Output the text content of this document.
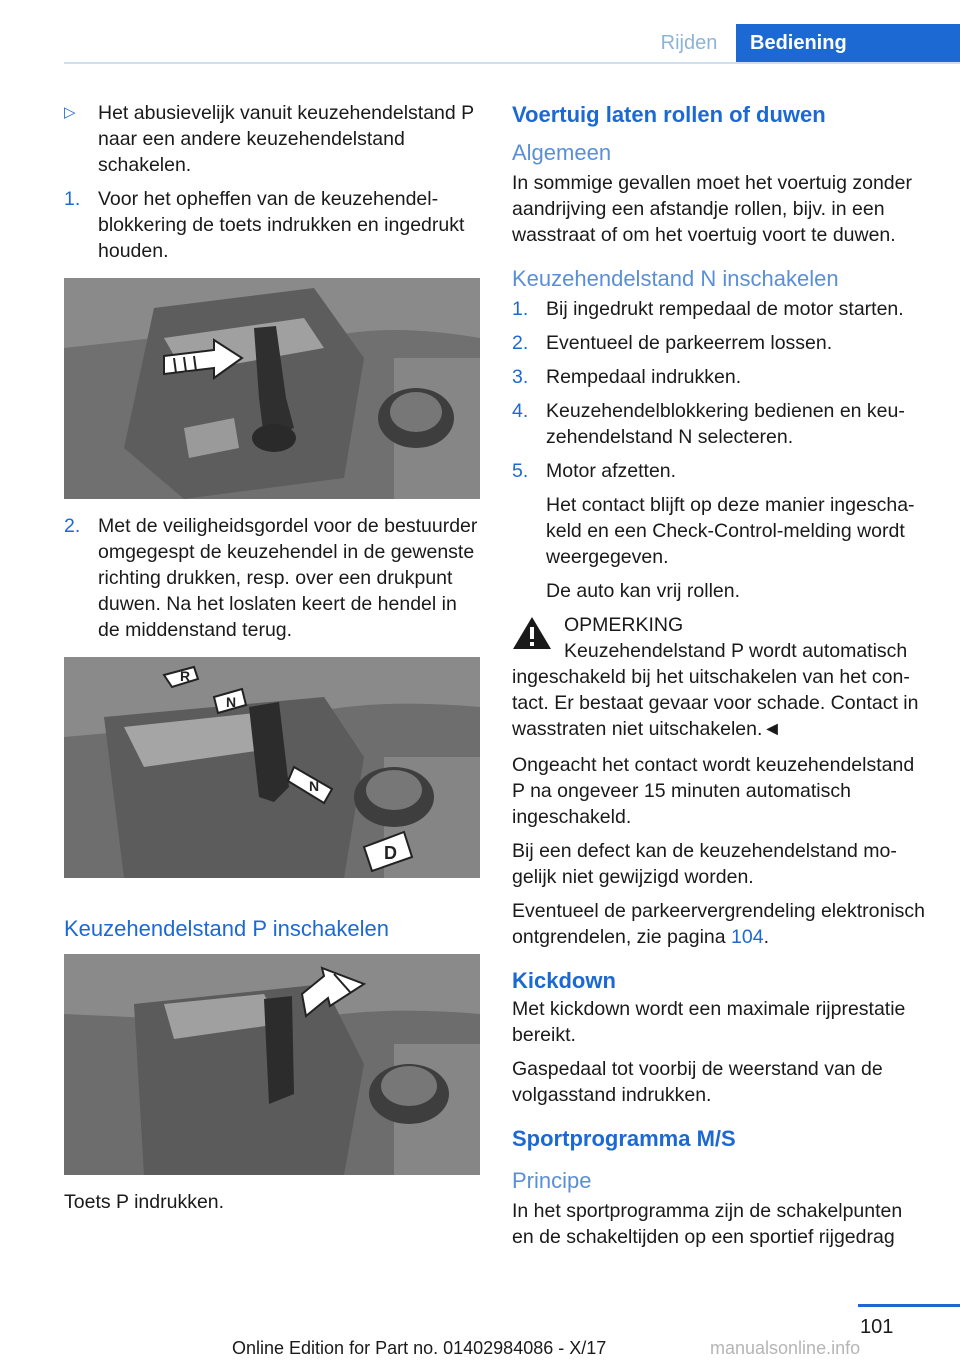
Rijden	Bediening
▷ Het abusievelijk vanuit keuzehendelstand P naar een andere keuzehendelstand schakelen.
1. Voor het opheffen van de keuzehendelblokkering de toets indrukken en ingedrukt houden.
2. Met de veiligheidsgordel voor de bestuurder omgegespt de keuzehendel in de gewenste richting drukken, resp. over een drukpunt duwen. Na het loslaten keert de hendel in de middenstand terug.
R
N
N
D
Keuzehendelstand P inschakelen

Toets P indrukken.

Voertuig laten rollen of duwen
Algemeen

In sommige gevallen moet het voertuig zonder aandrijving een afstandje rollen, bijv. in een wasstraat of om het voertuig voort te duwen.

Keuzehendelstand N inschakelen
1. Bij ingedrukt rempedaal de motor starten.
2. Eventueel de parkeerrem lossen.
3. Rempedaal indrukken.
4. Keuzehendelblokkering bedienen en keuzehendelstand N selecteren.
5. Motor afzetten.

Het contact blijft op deze manier ingeschakeld en een Check-Control-melding wordt weergegeven.

De auto kan vrij rollen.

OPMERKING
Keuzehendelstand P wordt automatisch

ingeschakeld bij het uitschakelen van het contact. Er bestaat gevaar voor schade. Contact in wasstraten niet uitschakelen.◄

Ongeacht het contact wordt keuzehendelstand P na ongeveer 15 minuten automatisch ingeschakeld.

Bij een defect kan de keuzehendelstand mogelijk niet gewijzigd worden.

Eventueel de parkeervergrendeling elektronisch ontgrendelen, zie pagina 104.

Kickdown

Met kickdown wordt een maximale rijprestatie bereikt.

Gaspedaal tot voorbij de weerstand van de volgasstand indrukken.

Sportprogramma M/S
Principe

In het sportprogramma zijn de schakelpunten en de schakeltijden op een sportief rijgedrag

101
Online Edition for Part no. 01402984086 - X/17	manualsonline.info
